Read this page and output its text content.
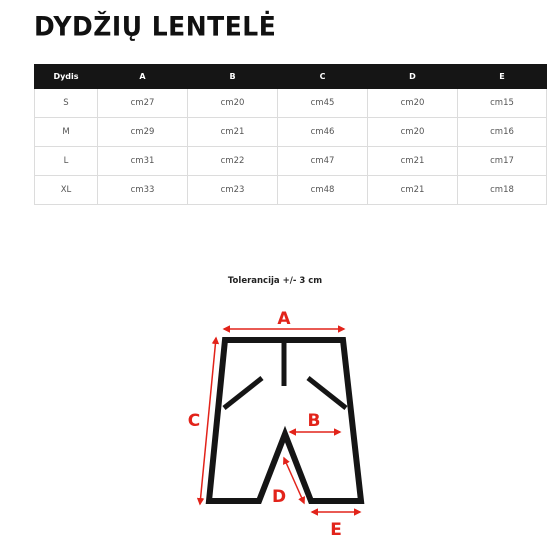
DYDŽIŲ LENTELĖ
Dydis	A	B	C	D	E
S	cm27	cm20	cm45	cm20	cm15
M	cm29	cm21	cm46	cm20	cm16
L	cm31	cm22	cm47	cm21	cm17
XL	cm33	cm23	cm48	cm21	cm18
Tolerancija +/- 3 cm
A
B
C
D
E
